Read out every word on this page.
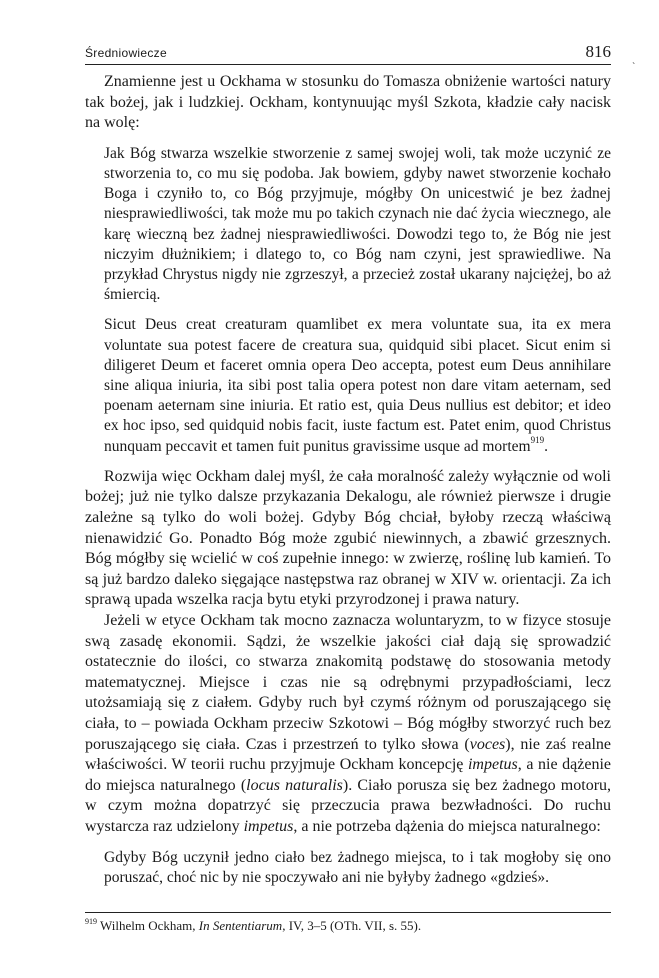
Średniowiecze	816
`

Znamienne jest u Ockhama w stosunku do Tomasza obniżenie wartości natury tak bożej, jak i ludzkiej. Ockham, kontynuując myśl Szkota, kładzie cały nacisk na wolę:

Jak Bóg stwarza wszelkie stworzenie z samej swojej woli, tak może uczynić ze stworzenia to, co mu się podoba. Jak bowiem, gdyby nawet stworzenie kochało Boga i czyniło to, co Bóg przyjmuje, mógłby On unicestwić je bez żadnej niesprawiedliwości, tak może mu po takich czynach nie dać życia wiecznego, ale karę wieczną bez żadnej niesprawiedliwości. Dowodzi tego to, że Bóg nie jest niczyim dłużnikiem; i dlatego to, co Bóg nam czyni, jest sprawiedliwe. Na przykład Chrystus nigdy nie zgrzeszył, a przecież został ukarany najciężej, bo aż śmiercią.

Sicut Deus creat creaturam quamlibet ex mera voluntate sua, ita ex mera voluntate sua potest facere de creatura sua, quidquid sibi placet. Sicut enim si diligeret Deum et faceret omnia opera Deo accepta, potest eum Deus annihilare sine aliqua iniuria, ita sibi post talia opera potest non dare vitam aeternam, sed poenam aeternam sine iniuria. Et ratio est, quia Deus nullius est debitor; et ideo ex hoc ipso, sed quidquid nobis facit, iuste factum est. Patet enim, quod Christus nunquam peccavit et tamen fuit punitus gravissime usque ad mortem$^{919}$.

Rozwija więc Ockham dalej myśl, że cała moralność zależy wyłącznie od woli bożej; już nie tylko dalsze przykazania Dekalogu, ale również pierwsze i drugie zależne są tylko do woli bożej. Gdyby Bóg chciał, byłoby rzeczą właściwą nienawidzić Go. Ponadto Bóg może zgubić niewinnych, a zbawić grzesznych. Bóg mógłby się wcielić w coś zupełnie innego: w zwierzę, roślinę lub kamień. To są już bardzo daleko sięgające następstwa raz obranej w XIV w. orientacji. Za ich sprawą upada wszelka racja bytu etyki przyrodzonej i prawa natury.

Jeżeli w etyce Ockham tak mocno zaznacza woluntaryzm, to w fizyce stosuje swą zasadę ekonomii. Sądzi, że wszelkie jakości ciał dają się sprowadzić ostatecznie do ilości, co stwarza znakomitą podstawę do stosowania metody matematycznej. Miejsce i czas nie są odrębnymi przypadłościami, lecz utożsamiają się z ciałem. Gdyby ruch był czymś różnym od poruszającego się ciała, to – powiada Ockham przeciw Szkotowi – Bóg mógłby stworzyć ruch bez poruszającego się ciała. Czas i przestrzeń to tylko słowa (voces), nie zaś realne właściwości. W teorii ruchu przyjmuje Ockham koncepcję impetus, a nie dążenie do miejsca naturalnego (locus naturalis). Ciało porusza się bez żadnego motoru, w czym można dopatrzyć się przeczucia prawa bezwładności. Do ruchu wystarcza raz udzielony impetus, a nie potrzeba dążenia do miejsca naturalnego:

Gdyby Bóg uczynił jedno ciało bez żadnego miejsca, to i tak mogłoby się ono poruszać, choć nic by nie spoczywało ani nie byłyby żadnego «gdzieś».

$^{919}$ Wilhelm Ockham, In Sententiarum, IV, 3–5 (OTh. VII, s. 55).
